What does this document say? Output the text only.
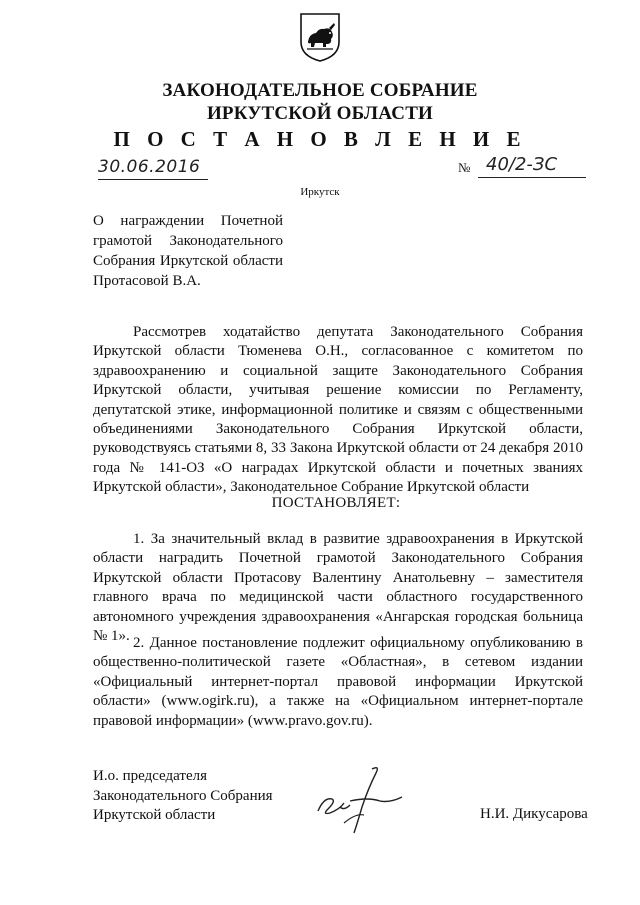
ЗАКОНОДАТЕЛЬНОЕ СОБРАНИЕ
ИРКУТСКОЙ ОБЛАСТИ
П О С Т А Н О В Л Е Н И Е
30.06.2016	№ 40/2-ЗС
Иркутск
О награждении Почетной грамотой Законодательного Собрания Иркутской области Протасовой В.А.
Рассмотрев ходатайство депутата Законодательного Собрания Иркутской области Тюменева О.Н., согласованное с комитетом по здравоохранению и социальной защите Законодательного Собрания Иркутской области, учитывая решение комиссии по Регламенту, депутатской этике, информационной политике и связям с общественными объединениями Законодательного Собрания Иркутской области, руководствуясь статьями 8, 33 Закона Иркутской области от 24 декабря 2010 года № 141-ОЗ «О наградах Иркутской области и почетных званиях Иркутской области», Законодательное Собрание Иркутской области
ПОСТАНОВЛЯЕТ:
1. За значительный вклад в развитие здравоохранения в Иркутской области наградить Почетной грамотой Законодательного Собрания Иркутской области Протасову Валентину Анатольевну – заместителя главного врача по медицинской части областного государственного автономного учреждения здравоохранения «Ангарская городская больница № 1». 2. Данное постановление подлежит официальному опубликованию в общественно-политической газете «Областная», в сетевом издании «Официальный интернет-портал правовой информации Иркутской области» (www.ogirk.ru), а также на «Официальном интернет-портале правовой информации» (www.pravo.gov.ru).
И.о. председателя
Законодательного Собрания
Иркутской области	Н.И. Дикусарова
